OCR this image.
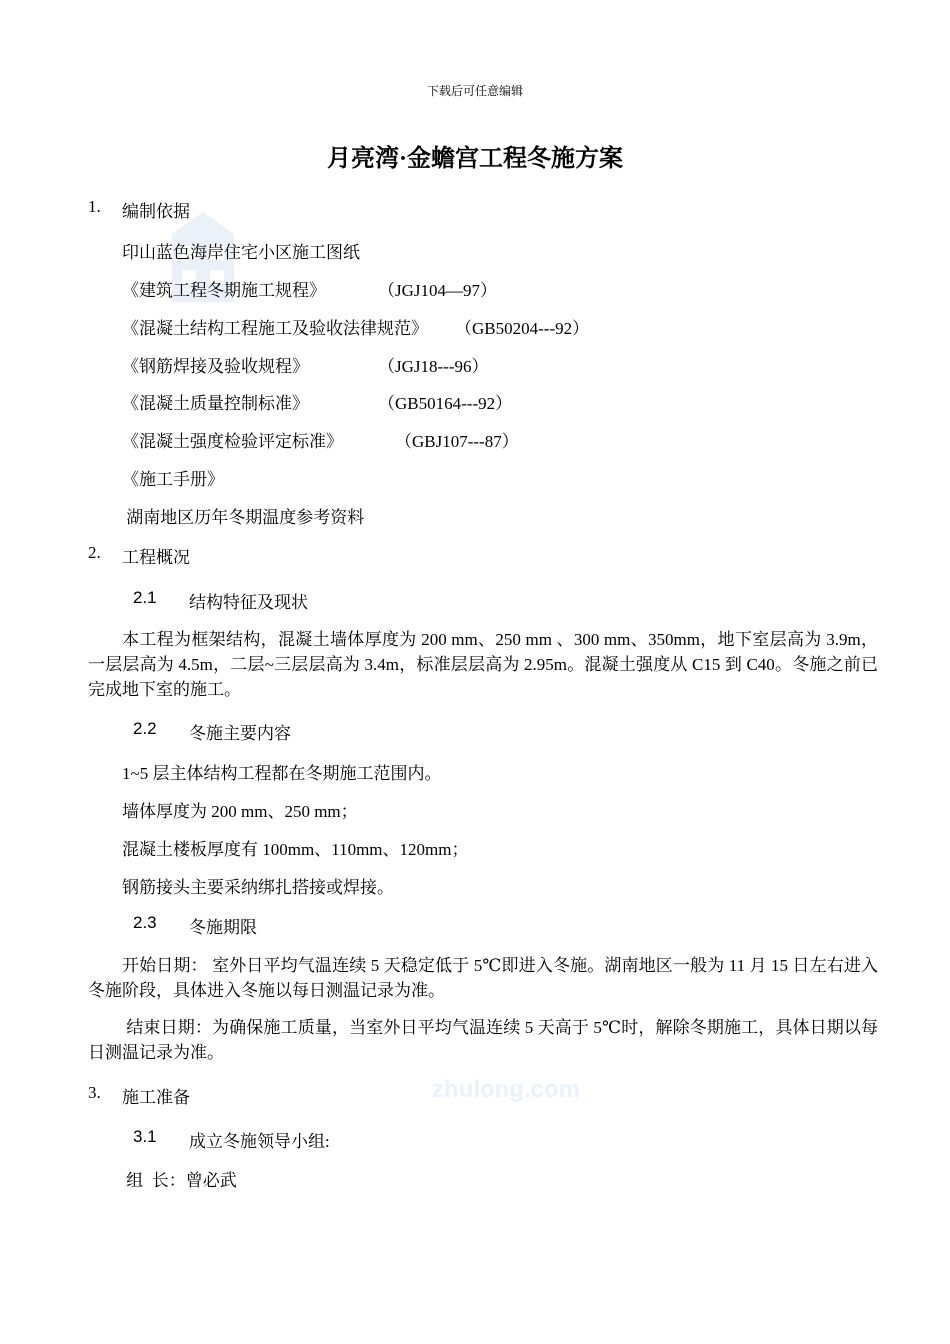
zhulong.com
下载后可任意编辑
月亮湾·金蟾宫工程冬施方案
1. 编制依据
印山蓝色海岸住宅小区施工图纸
《建筑工程冬期施工规程》	（JGJ104—97）
《混凝土结构工程施工及验收法律规范》 （GB50204---92）
《钢筋焊接及验收规程》	（JGJ18---96）
《混凝土质量控制标准》	（GB50164---92）
《混凝土强度检验评定标准》	（GBJ107---87）
《施工手册》
湖南地区历年冬期温度参考资料
2. 工程概况
2.1 结构特征及现状
本工程为框架结构，混凝土墙体厚度为 200 mm、250 mm 、300 mm、350mm，地下室层高为 3.9m，一层层高为 4.5m，二层~三层层高为 3.4m，标准层层高为 2.95m。混凝土强度从 C15 到 C40。冬施之前已完成地下室的施工。
2.2 冬施主要内容
1~5 层主体结构工程都在冬期施工范围内。
墙体厚度为 200 mm、250 mm；
混凝土楼板厚度有 100mm、110mm、120mm；
钢筋接头主要采纳绑扎搭接或焊接。
2.3 冬施期限
开始日期： 室外日平均气温连续 5 天稳定低于 5℃即进入冬施。湖南地区一般为 11 月 15 日左右进入冬施阶段，具体进入冬施以每日测温记录为准。
结束日期：为确保施工质量，当室外日平均气温连续 5 天高于 5℃时，解除冬期施工，具体日期以每日测温记录为准。
3. 施工准备
3.1 成立冬施领导小组:
组  长：曾必武
